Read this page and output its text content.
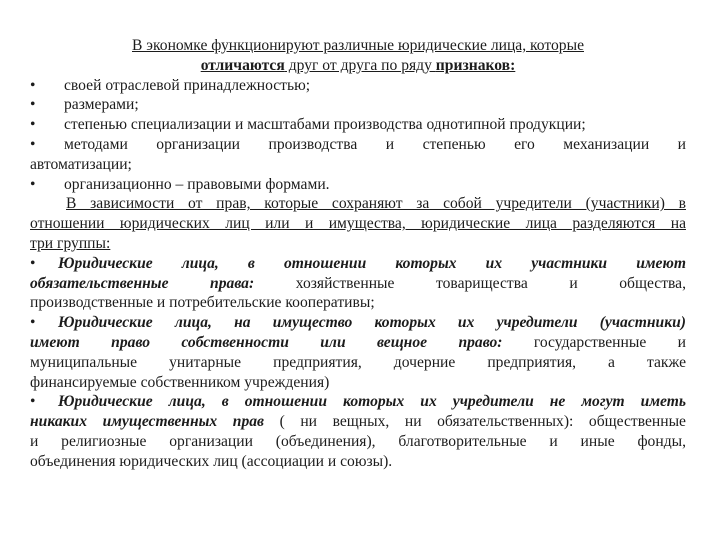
В экономке функционируют различные юридические лица, которые
отличаются друг от друга по ряду признаков:
•	своей отраслевой принадлежностью;
•	размерами;
•	степенью специализации и масштабами производства однотипной продукции;
•	методами организации производства и степенью его механизации и
автоматизации;
•	организационно – правовыми формами.
В зависимости от прав, которые сохраняют за собой учредители (участники) в
отношении юридических лиц или и имущества, юридические лица разделяются на
три группы:
•	Юридические лица, в отношении которых их участники имеют
обязательственные права: хозяйственные товарищества и общества,
производственные и потребительские кооперативы;
•	Юридические лица, на имущество которых их учредители (участники)
имеют право собственности или вещное право: государственные и
муниципальные унитарные предприятия, дочерние предприятия, а также
финансируемые собственником учреждения)
•	Юридические лица, в отношении которых их учредители не могут иметь
никаких имущественных прав ( ни вещных, ни обязательственных): общественные
и религиозные организации (объединения), благотворительные и иные фонды,
объединения юридических лиц (ассоциации и союзы).
